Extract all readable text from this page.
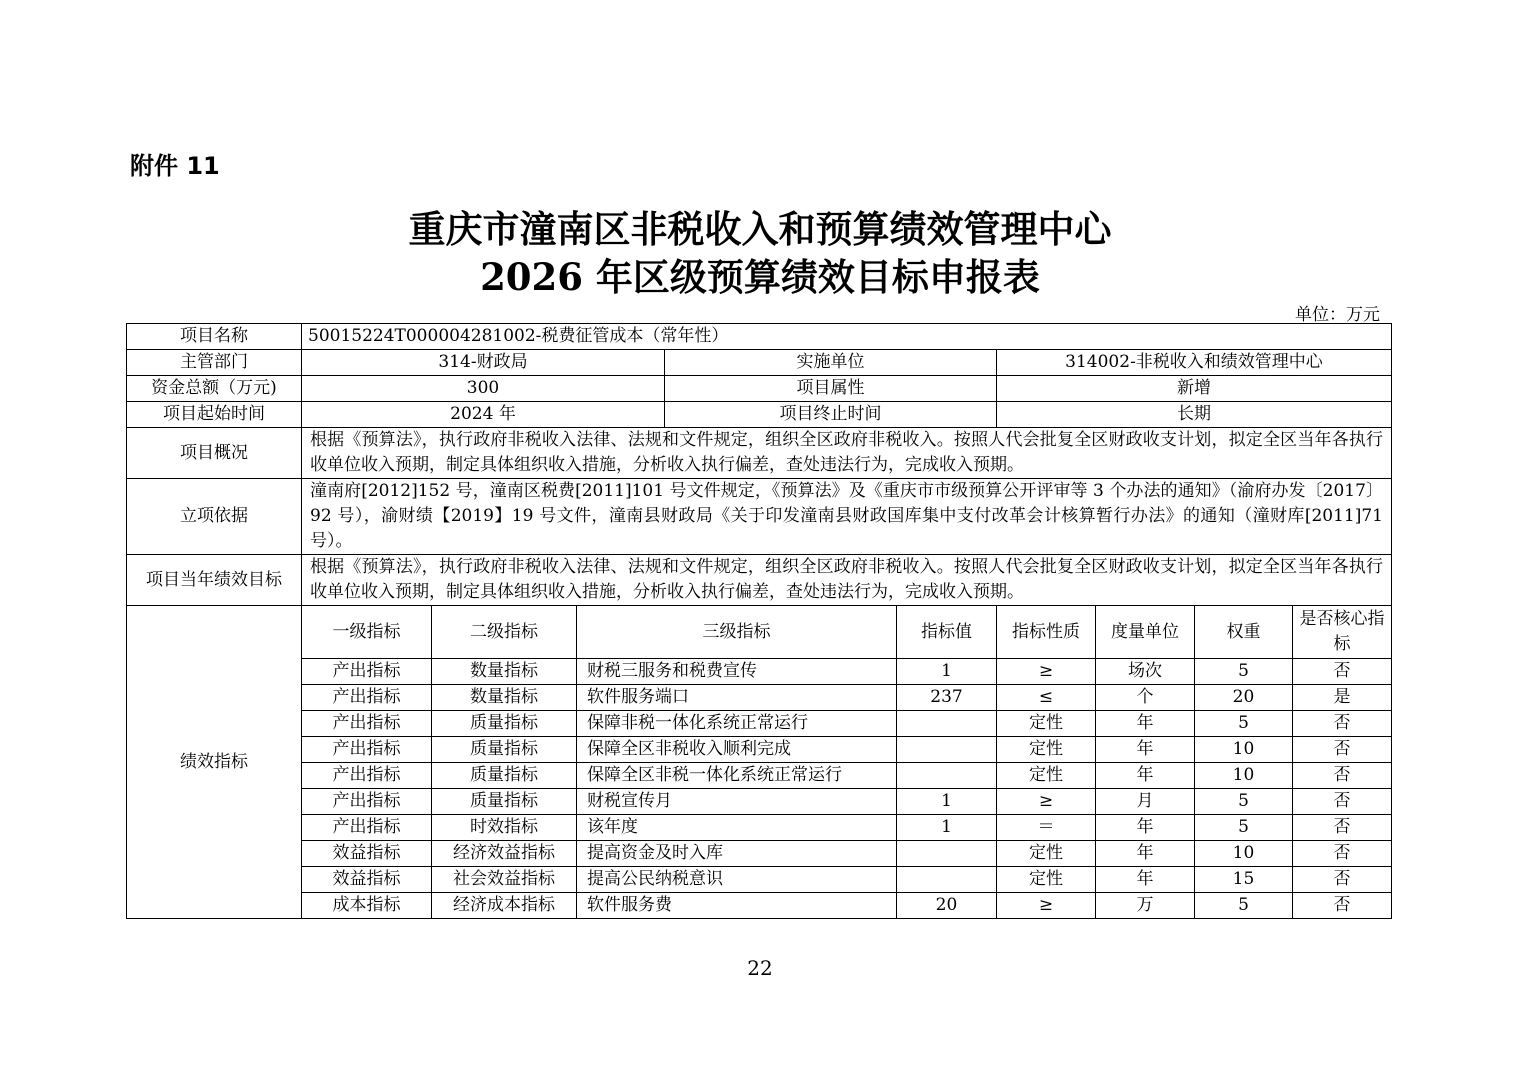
附件 11
重庆市潼南区非税收入和预算绩效管理中心
2026 年区级预算绩效目标申报表
单位：万元
项目名称	50015224T000004281002-税费征管成本（常年性）								
主管部门	314-财政局			实施单位		314002-非税收入和绩效管理中心			
资金总额（万元)	300			项目属性		新增			
项目起始时间	2024 年			项目终止时间		长期			
项目概况	根据《预算法》，执行政府非税收入法律、法规和文件规定，组织全区政府非税收入。按照人代会批复全区财政收支计划，拟定全区当年各执行收单位收入预期，制定具体组织收入措施，分析收入执行偏差，查处违法行为，完成收入预期。								
立项依据	潼南府[2012]152 号，潼南区税费[2011]101 号文件规定，《预算法》及《重庆市市级预算公开评审等 3 个办法的通知》（渝府办发〔2017〕92 号），渝财绩【2019】19 号文件，潼南县财政局《关于印发潼南县财政国库集中支付改革会计核算暂行办法》的通知（潼财库[2011]71 号）。								
项目当年绩效目标	根据《预算法》，执行政府非税收入法律、法规和文件规定，组织全区政府非税收入。按照人代会批复全区财政收支计划，拟定全区当年各执行收单位收入预期，制定具体组织收入措施，分析收入执行偏差，查处违法行为，完成收入预期。								
绩效指标	一级指标	二级指标	三级指标		指标值	指标性质	度量单位	权重	是否核心指标
	产出指标	数量指标	财税三服务和税费宣传		1	≥	场次	5	否
	产出指标	数量指标	软件服务端口		237	≤	个	20	是
	产出指标	质量指标	保障非税一体化系统正常运行			定性	年	5	否
	产出指标	质量指标	保障全区非税收入顺利完成			定性	年	10	否
	产出指标	质量指标	保障全区非税一体化系统正常运行			定性	年	10	否
	产出指标	质量指标	财税宣传月		1	≥	月	5	否
	产出指标	时效指标	该年度		1	＝	年	5	否
	效益指标	经济效益指标	提高资金及时入库			定性	年	10	否
	效益指标	社会效益指标	提高公民纳税意识			定性	年	15	否
	成本指标	经济成本指标	软件服务费		20	≥	万	5	否
22
